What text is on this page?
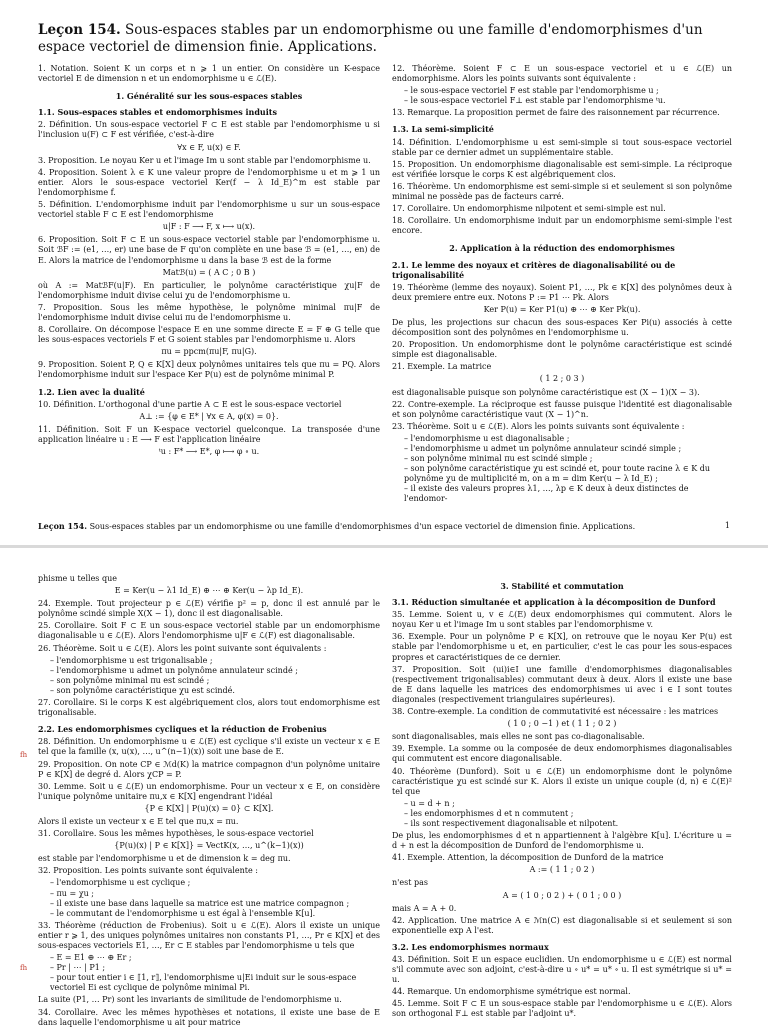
Leçon 154. Sous-espaces stables par un endomorphisme ou une famille d'endomorphismes d'un espace vectoriel de dimension finie. Applications.
1. Notation. Soient K un corps et n ⩾ 1 un entier. On considère un K-espace vectoriel E de dimension n et un endomorphisme u ∈ ℒ(E).
1. Généralité sur les sous-espaces stables
1.1. Sous-espaces stables et endomorphismes induits
2. Définition. Un sous-espace vectoriel F ⊂ E est stable par l'endomorphisme u si l'inclusion u(F) ⊂ F est vérifiée, c'est-à-dire
∀x ∈ F, u(x) ∈ F.
3. Proposition. Le noyau Ker u et l'image Im u sont stable par l'endomorphisme u.
4. Proposition. Soient λ ∈ K une valeur propre de l'endomorphisme u et m ⩾ 1 un entier. Alors le sous-espace vectoriel Ker(f − λ Id_E)^m est stable par l'endomorphisme f.
5. Définition. L'endomorphisme induit par l'endomorphisme u sur un sous-espace vectoriel stable F ⊂ E est l'endomorphisme
u|F : F ⟶ F, x ⟼ u(x).
6. Proposition. Soit F ⊂ E un sous-espace vectoriel stable par l'endomorphisme u. Soit ℬF := (e1, …, er) une base de F qu'on complète en une base ℬ = (e1, …, en) de E. Alors la matrice de l'endomorphisme u dans la base ℬ est de la forme
Matℬ(u) = ( A C ; 0 B )
où A := MatℬF(u|F). En particulier, le polynôme caractéristique χu|F de l'endomorphisme induit divise celui χu de l'endomorphisme u.
7. Proposition. Sous les même hypothèse, le polynôme minimal πu|F de l'endomorphisme induit divise celui πu de l'endomorphisme u.
8. Corollaire. On décompose l'espace E en une somme directe E = F ⊕ G telle que les sous-espaces vectoriels F et G soient stables par l'endomorphisme u. Alors
πu = ppcm(πu|F, πu|G).
9. Proposition. Soient P, Q ∈ K[X] deux polynômes unitaires tels que πu = PQ. Alors l'endomorphisme induit sur l'espace Ker P(u) est de polynôme minimal P.
1.2. Lien avec la dualité
10. Définition. L'orthogonal d'une partie A ⊂ E est le sous-espace vectoriel
A⊥ := {φ ∈ E* | ∀x ∈ A, φ(x) = 0}.
11. Définition. Soit F un K-espace vectoriel quelconque. La transposée d'une application linéaire u : E ⟶ F est l'application linéaire
ᵗu : F* ⟶ E*, φ ⟼ φ ∘ u.
12. Théorème. Soient F ⊂ E un sous-espace vectoriel et u ∈ ℒ(E) un endomorphisme. Alors les points suivants sont équivalente :
– le sous-espace vectoriel F est stable par l'endomorphisme u ;
– le sous-espace vectoriel F⊥ est stable par l'endomorphisme ᵗu.
13. Remarque. La proposition permet de faire des raisonnement par récurrence.
1.3. La semi-simplicité
14. Définition. L'endomorphisme u est semi-simple si tout sous-espace vectoriel stable par ce dernier admet un supplémentaire stable.
15. Proposition. Un endomorphisme diagonalisable est semi-simple. La réciproque est vérifiée lorsque le corps K est algébriquement clos.
16. Théorème. Un endomorphisme est semi-simple si et seulement si son polynôme minimal ne possède pas de facteurs carré.
17. Corollaire. Un endomorphisme nilpotent et semi-simple est nul.
18. Corollaire. Un endomorphisme induit par un endomorphisme semi-simple l'est encore.
2. Application à la réduction des endomorphismes
2.1. Le lemme des noyaux et critères de diagonalisabilité ou de trigonalisabilité
19. Théorème (lemme des noyaux). Soient P1, …, Pk ∈ K[X] des polynômes deux à deux premiere entre eux. Notons P := P1 ⋯ Pk. Alors
Ker P(u) = Ker P1(u) ⊕ ⋯ ⊕ Ker Pk(u).
De plus, les projections sur chacun des sous-espaces Ker Pi(u) associés à cette décomposition sont des polynômes en l'endomorphisme u.
20. Proposition. Un endomorphisme dont le polynôme caractéristique est scindé simple est diagonalisable.
21. Exemple. La matrice
( 1 2 ; 0 3 )
est diagonalisable puisque son polynôme caractéristique est (X − 1)(X − 3).
22. Contre-exemple. La réciproque est fausse puisque l'identité est diagonalisable et son polynôme caractéristique vaut (X − 1)^n.
23. Théorème. Soit u ∈ ℒ(E). Alors les points suivants sont équivalente :
– l'endomorphisme u est diagonalisable ;
– l'endomorphisme u admet un polynôme annulateur scindé simple ;
– son polynôme minimal πu est scindé simple ;
– son polynôme caractéristique χu est scindé et, pour toute racine λ ∈ K du polynôme χu de multiplicité m, on a m = dim Ker(u − λ Id_E) ;
– il existe des valeurs propres λ1, …, λp ∈ K deux à deux distinctes de l'endomor-
Leçon 154. Sous-espaces stables par un endomorphisme ou une famille d'endomorphismes d'un espace vectoriel de dimension finie. Applications.	1
phisme u telles que
E = Ker(u − λ1 Id_E) ⊕ ⋯ ⊕ Ker(u − λp Id_E).
24. Exemple. Tout projecteur p ∈ ℒ(E) vérifie p² = p, donc il est annulé par le polynôme scindé simple X(X − 1), donc il est diagonalisable.
25. Corollaire. Soit F ⊂ E un sous-espace vectoriel stable par un endomorphisme diagonalisable u ∈ ℒ(E). Alors l'endomorphisme u|F ∈ ℒ(F) est diagonalisable.
26. Théorème. Soit u ∈ ℒ(E). Alors les point suivante sont équivalents :
– l'endomorphisme u est trigonalisable ;
– l'endomorphisme u admet un polynôme annulateur scindé ;
– son polynôme minimal πu est scindé ;
– son polynôme caractéristique χu est scindé.
27. Corollaire. Si le corps K est algébriquement clos, alors tout endomorphisme est trigonalisable.
2.2. Les endomorphismes cycliques et la réduction de Frobenius
28. Définition. Un endomorphisme u ∈ ℒ(E) est cyclique s'il existe un vecteur x ∈ E tel que la famille (x, u(x), …, u^(n−1)(x)) soit une base de E.
29. Proposition. On note CP ∈ ℳd(K) la matrice compagnon d'un polynôme unitaire P ∈ K[X] de degré d. Alors χCP = P.
30. Lemme. Soit u ∈ ℒ(E) un endomorphisme. Pour un vecteur x ∈ E, on considère l'unique polynôme unitaire πu,x ∈ K[X] engendrant l'idéal
{P ∈ K[X] | P(u)(x) = 0} ⊂ K[X].
Alors il existe un vecteur x ∈ E tel que πu,x = πu.
31. Corollaire. Sous les mêmes hypothèses, le sous-espace vectoriel
{P(u)(x) | P ∈ K[X]} = VectK(x, …, u^(k−1)(x))
est stable par l'endomorphisme u et de dimension k = deg πu.
32. Proposition. Les points suivante sont équivalente :
– l'endomorphisme u est cyclique ;
– πu = χu ;
– il existe une base dans laquelle sa matrice est une matrice compagnon ;
– le commutant de l'endomorphisme u est égal à l'ensemble K[u].
33. Théorème (réduction de Frobenius). Soit u ∈ ℒ(E). Alors il existe un unique entier r ⩾ 1, des uniques polynômes unitaires non constants P1, …, Pr ∈ K[X] et des sous-espaces vectoriels E1, …, Er ⊂ E stables par l'endomorphisme u tels que
– E = E1 ⊕ ⋯ ⊕ Er ;
– Pr | ⋯ | P1 ;
– pour tout entier i ∈ ⟦1, r⟧, l'endomorphisme u|Ei induit sur le sous-espace vectoriel Ei est cyclique de polynôme minimal Pi.
La suite (P1, … Pr) sont les invariants de similitude de l'endomorphisme u.
34. Corollaire. Avec les mêmes hypothèses et notations, il existe une base de E dans laquelle l'endomorphisme u ait pour matrice
3. Stabilité et commutation
3.1. Réduction simultanée et application à la décomposition de Dunford
35. Lemme. Soient u, v ∈ ℒ(E) deux endomorphismes qui commutent. Alors le noyau Ker u et l'image Im u sont stables par l'endomorphisme v.
36. Exemple. Pour un polynôme P ∈ K[X], on retrouve que le noyau Ker P(u) est stable par l'endomorphisme u et, en particulier, c'est le cas pour les sous-espaces propres et caractéristiques de ce dernier.
37. Proposition. Soit (ui)i∈I une famille d'endomorphismes diagonalisables (respectivement trigonalisables) commutant deux à deux. Alors il existe une base de E dans laquelle les matrices des endomorphismes ui avec i ∈ I sont toutes diagonales (respectivement triangulaires supérieures).
38. Contre-exemple. La condition de commutativité est nécessaire : les matrices
( 1 0 ; 0 −1 ) et ( 1 1 ; 0 2 )
sont diagonalisables, mais elles ne sont pas co-diagonalisable.
39. Exemple. La somme ou la composée de deux endomorphismes diagonalisables qui commutent est encore diagonalisable.
40. Théorème (Dunford). Soit u ∈ ℒ(E) un endomorphisme dont le polynôme caractéristique χu est scindé sur K. Alors il existe un unique couple (d, n) ∈ ℒ(E)² tel que
– u = d + n ;
– les endomorphismes d et n commutent ;
– ils sont respectivement diagonalisable et nilpotent.
De plus, les endomorphismes d et n appartiennent à l'algèbre K[u]. L'écriture u = d + n est la décomposition de Dunford de l'endomorphisme u.
41. Exemple. Attention, la décomposition de Dunford de la matrice
A := ( 1 1 ; 0 2 )
n'est pas
A = ( 1 0 ; 0 2 ) + ( 0 1 ; 0 0 )
mais A = A + 0.
42. Application. Une matrice A ∈ ℳn(C) est diagonalisable si et seulement si son exponentielle exp A l'est.
3.2. Les endomorphismes normaux
43. Définition. Soit E un espace euclidien. Un endomorphisme u ∈ ℒ(E) est normal s'il commute avec son adjoint, c'est-à-dire u ∘ u* = u* ∘ u. Il est symétrique si u* = u.
44. Remarque. Un endomorphisme symétrique est normal.
45. Lemme. Soit F ⊂ E un sous-espace stable par l'endomorphisme u ∈ ℒ(E). Alors son orthogonal F⊥ est stable par l'adjoint u*.
fh
fh
